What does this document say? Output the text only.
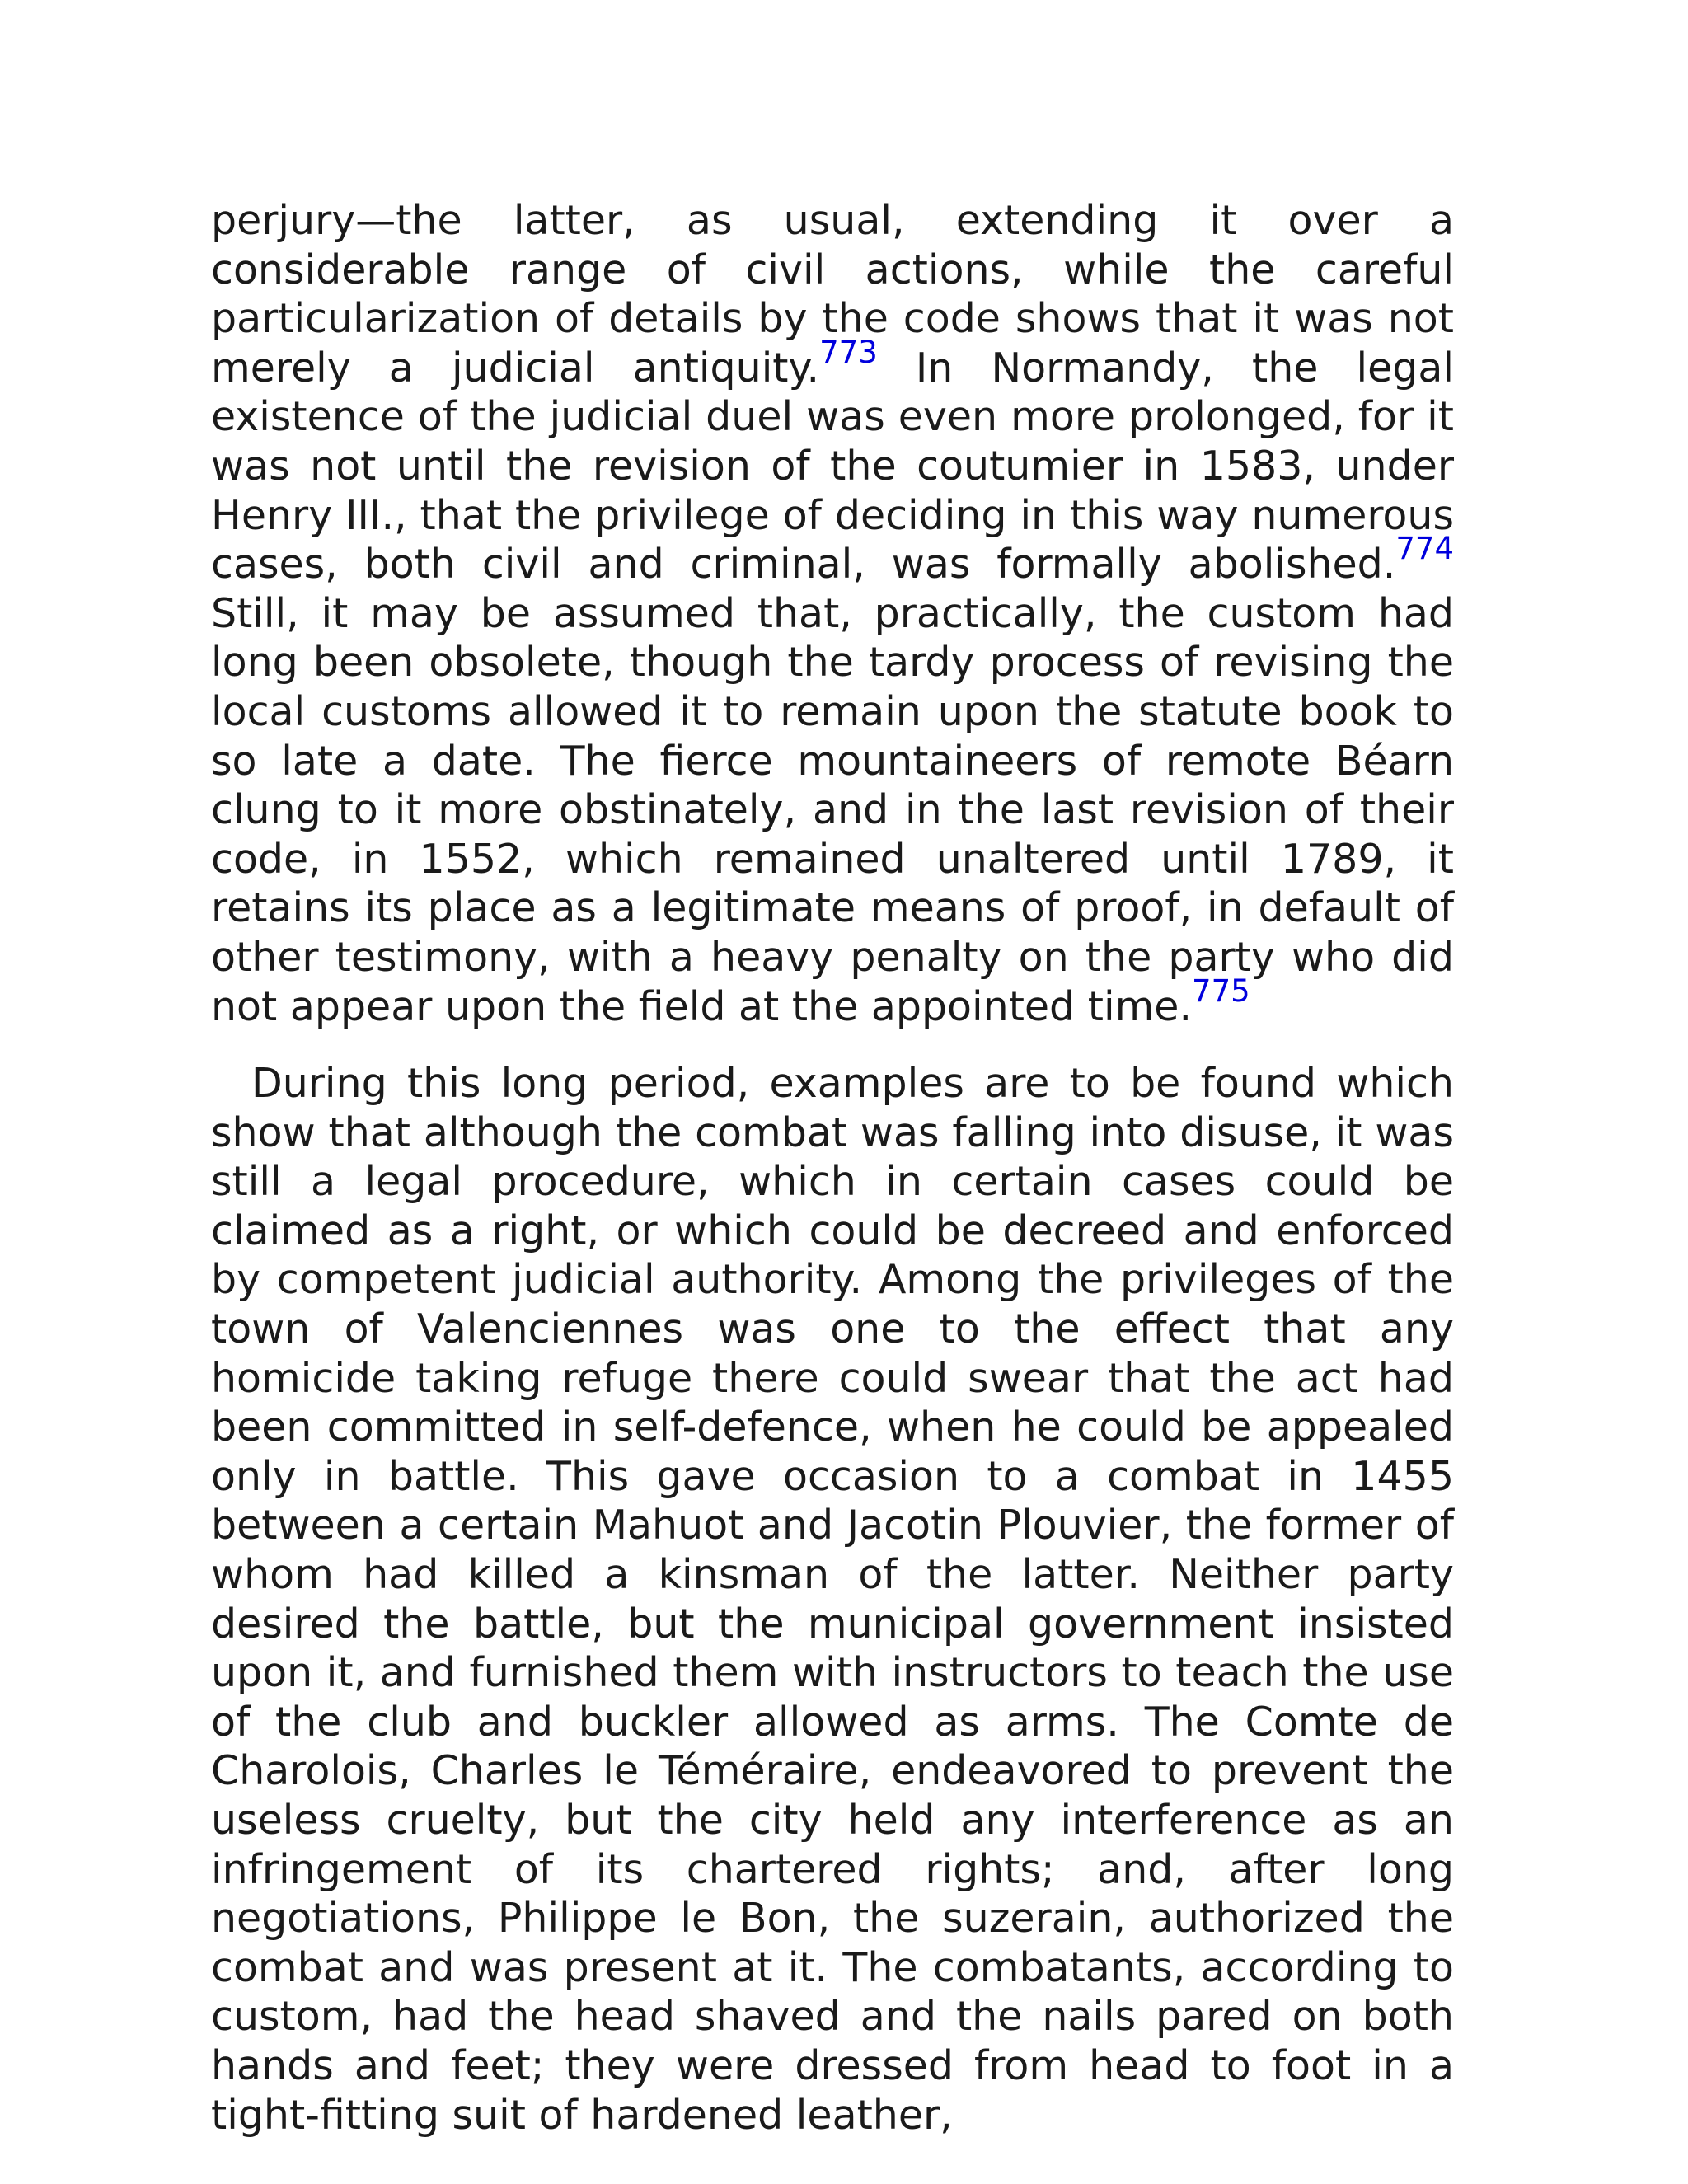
perjury—the latter, as usual, extending it over a considerable range of civil actions, while the careful particularization of details by the code shows that it was not merely a judicial antiquity.$^{773}$ In Normandy, the legal existence of the judicial duel was even more prolonged, for it was not until the revision of the coutumier in 1583, under Henry III., that the privilege of deciding in this way numerous cases, both civil and criminal, was formally abolished.$^{774}$ Still, it may be assumed that, practically, the custom had long been obsolete, though the tardy process of revising the local customs allowed it to remain upon the statute book to so late a date. The fierce mountaineers of remote Béarn clung to it more obstinately, and in the last revision of their code, in 1552, which remained unaltered until 1789, it retains its place as a legitimate means of proof, in default of other testimony, with a heavy penalty on the party who did not appear upon the field at the appointed time.$^{775}$

During this long period, examples are to be found which show that although the combat was falling into disuse, it was still a legal procedure, which in certain cases could be claimed as a right, or which could be decreed and enforced by competent judicial authority. Among the privileges of the town of Valenciennes was one to the effect that any homicide taking refuge there could swear that the act had been committed in self-defence, when he could be appealed only in battle. This gave occasion to a combat in 1455 between a certain Mahuot and Jacotin Plouvier, the former of whom had killed a kinsman of the latter. Neither party desired the battle, but the municipal government insisted upon it, and furnished them with instructors to teach the use of the club and buckler allowed as arms. The Comte de Charolois, Charles le Téméraire, endeavored to prevent the useless cruelty, but the city held any interference as an infringement of its chartered rights; and, after long negotiations, Philippe le Bon, the suzerain, authorized the combat and was present at it. The combatants, according to custom, had the head shaved and the nails pared on both hands and feet; they were dressed from head to foot in a tight-fitting suit of hardened leather,
